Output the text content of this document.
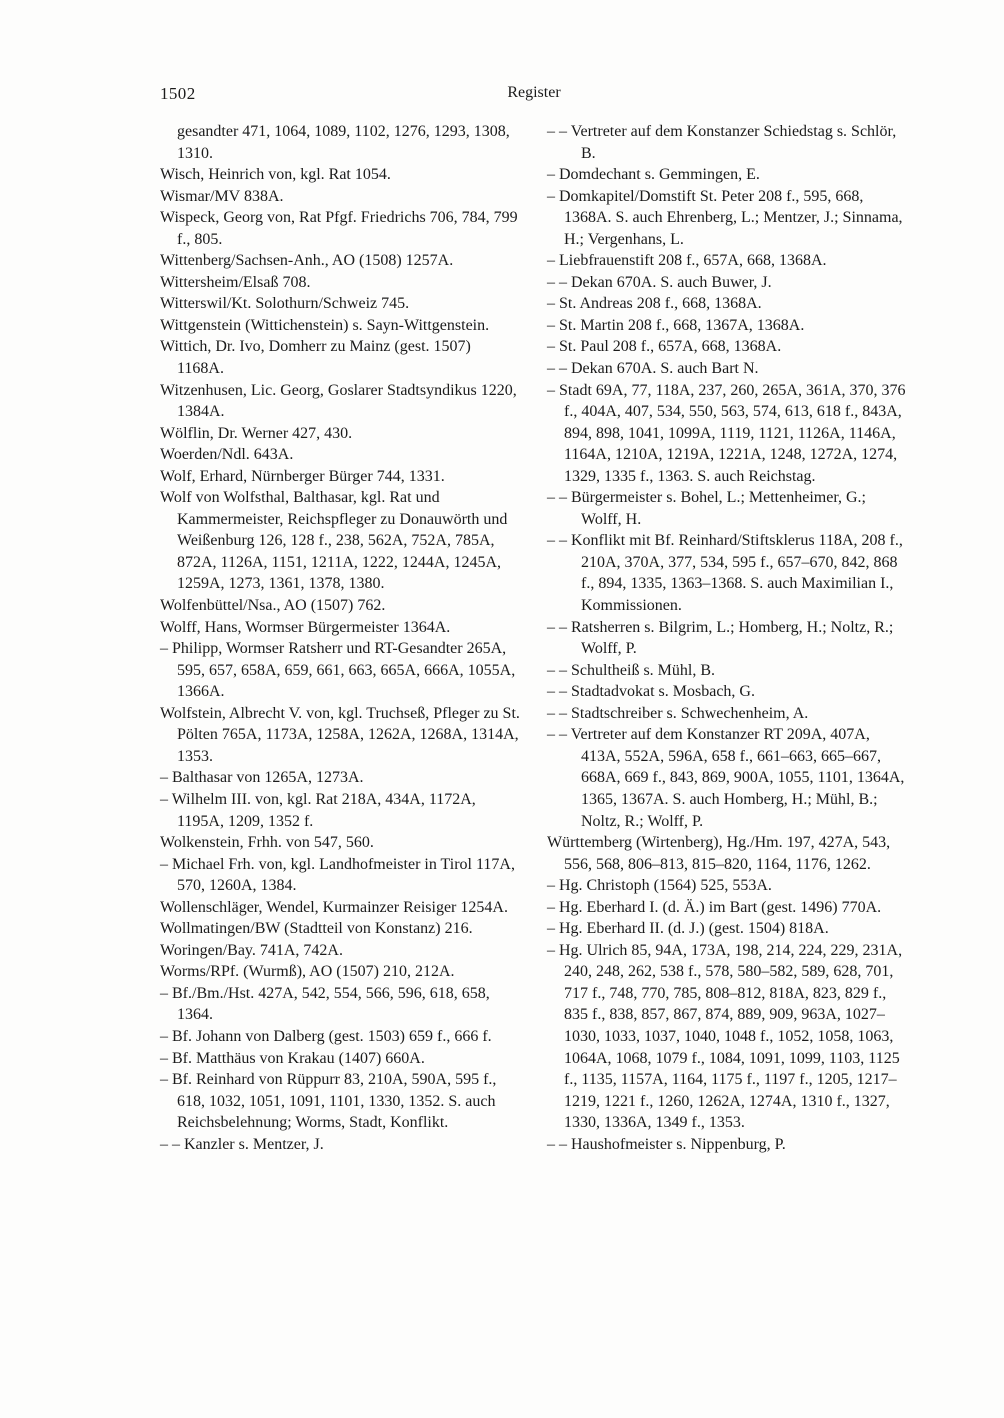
1502	Register

gesandter 471, 1064, 1089, 1102, 1276, 1293, 1308, 1310.

Wisch, Heinrich von, kgl. Rat 1054.

Wismar/MV 838A.

Wispeck, Georg von, Rat Pfgf. Friedrichs 706, 784, 799 f., 805.

Wittenberg/Sachsen-Anh., AO (1508) 1257A.

Wittersheim/Elsaß 708.

Witterswil/Kt. Solothurn/Schweiz 745.

Wittgenstein (Wittichenstein) s. Sayn-Wittgenstein.

Wittich, Dr. Ivo, Domherr zu Mainz (gest. 1507) 1168A.

Witzenhusen, Lic. Georg, Goslarer Stadtsyndikus 1220, 1384A.

Wölflin, Dr. Werner 427, 430.

Woerden/Ndl. 643A.

Wolf, Erhard, Nürnberger Bürger 744, 1331.

Wolf von Wolfsthal, Balthasar, kgl. Rat und Kammermeister, Reichspfleger zu Donauwörth und Weißenburg 126, 128 f., 238, 562A, 752A, 785A, 872A, 1126A, 1151, 1211A, 1222, 1244A, 1245A, 1259A, 1273, 1361, 1378, 1380.

Wolfenbüttel/Nsa., AO (1507) 762.

Wolff, Hans, Wormser Bürgermeister 1364A.

– Philipp, Wormser Ratsherr und RT-Gesandter 265A, 595, 657, 658A, 659, 661, 663, 665A, 666A, 1055A, 1366A.

Wolfstein, Albrecht V. von, kgl. Truchseß, Pfleger zu St. Pölten 765A, 1173A, 1258A, 1262A, 1268A, 1314A, 1353.

– Balthasar von 1265A, 1273A.

– Wilhelm III. von, kgl. Rat 218A, 434A, 1172A, 1195A, 1209, 1352 f.

Wolkenstein, Frhh. von 547, 560.

– Michael Frh. von, kgl. Landhofmeister in Tirol 117A, 570, 1260A, 1384.

Wollenschläger, Wendel, Kurmainzer Reisiger 1254A.

Wollmatingen/BW (Stadtteil von Konstanz) 216.

Woringen/Bay. 741A, 742A.

Worms/RPf. (Wurmß), AO (1507) 210, 212A.

– Bf./Bm./Hst. 427A, 542, 554, 566, 596, 618, 658, 1364.

– Bf. Johann von Dalberg (gest. 1503) 659 f., 666 f.

– Bf. Matthäus von Krakau (1407) 660A.

– Bf. Reinhard von Rüppurr 83, 210A, 590A, 595 f., 618, 1032, 1051, 1091, 1101, 1330, 1352. S. auch Reichsbelehnung; Worms, Stadt, Konflikt.

– – Kanzler s. Mentzer, J.

– – Vertreter auf dem Konstanzer Schiedstag s. Schlör, B.

– Domdechant s. Gemmingen, E.

– Domkapitel/Domstift St. Peter 208 f., 595, 668, 1368A. S. auch Ehrenberg, L.; Mentzer, J.; Sinnama, H.; Vergenhans, L.

– Liebfrauenstift 208 f., 657A, 668, 1368A.

– – Dekan 670A. S. auch Buwer, J.

– St. Andreas 208 f., 668, 1368A.

– St. Martin 208 f., 668, 1367A, 1368A.

– St. Paul 208 f., 657A, 668, 1368A.

– – Dekan 670A. S. auch Bart N.

– Stadt 69A, 77, 118A, 237, 260, 265A, 361A, 370, 376 f., 404A, 407, 534, 550, 563, 574, 613, 618 f., 843A, 894, 898, 1041, 1099A, 1119, 1121, 1126A, 1146A, 1164A, 1210A, 1219A, 1221A, 1248, 1272A, 1274, 1329, 1335 f., 1363. S. auch Reichstag.

– – Bürgermeister s. Bohel, L.; Mettenheimer, G.; Wolff, H.

– – Konflikt mit Bf. Reinhard/Stiftsklerus 118A, 208 f., 210A, 370A, 377, 534, 595 f., 657–670, 842, 868 f., 894, 1335, 1363–1368. S. auch Maximilian I., Kommissionen.

– – Ratsherren s. Bilgrim, L.; Homberg, H.; Noltz, R.; Wolff, P.

– – Schultheiß s. Mühl, B.

– – Stadtadvokat s. Mosbach, G.

– – Stadtschreiber s. Schwechenheim, A.

– – Vertreter auf dem Konstanzer RT 209A, 407A, 413A, 552A, 596A, 658 f., 661–663, 665–667, 668A, 669 f., 843, 869, 900A, 1055, 1101, 1364A, 1365, 1367A. S. auch Homberg, H.; Mühl, B.; Noltz, R.; Wolff, P.

Württemberg (Wirtenberg), Hg./Hm. 197, 427A, 543, 556, 568, 806–813, 815–820, 1164, 1176, 1262.

– Hg. Christoph (1564) 525, 553A.

– Hg. Eberhard I. (d. Ä.) im Bart (gest. 1496) 770A.

– Hg. Eberhard II. (d. J.) (gest. 1504) 818A.

– Hg. Ulrich 85, 94A, 173A, 198, 214, 224, 229, 231A, 240, 248, 262, 538 f., 578, 580–582, 589, 628, 701, 717 f., 748, 770, 785, 808–812, 818A, 823, 829 f., 835 f., 838, 857, 867, 874, 889, 909, 963A, 1027–1030, 1033, 1037, 1040, 1048 f., 1052, 1058, 1063, 1064A, 1068, 1079 f., 1084, 1091, 1099, 1103, 1125 f., 1135, 1157A, 1164, 1175 f., 1197 f., 1205, 1217–1219, 1221 f., 1260, 1262A, 1274A, 1310 f., 1327, 1330, 1336A, 1349 f., 1353.

– – Haushofmeister s. Nippenburg, P.
